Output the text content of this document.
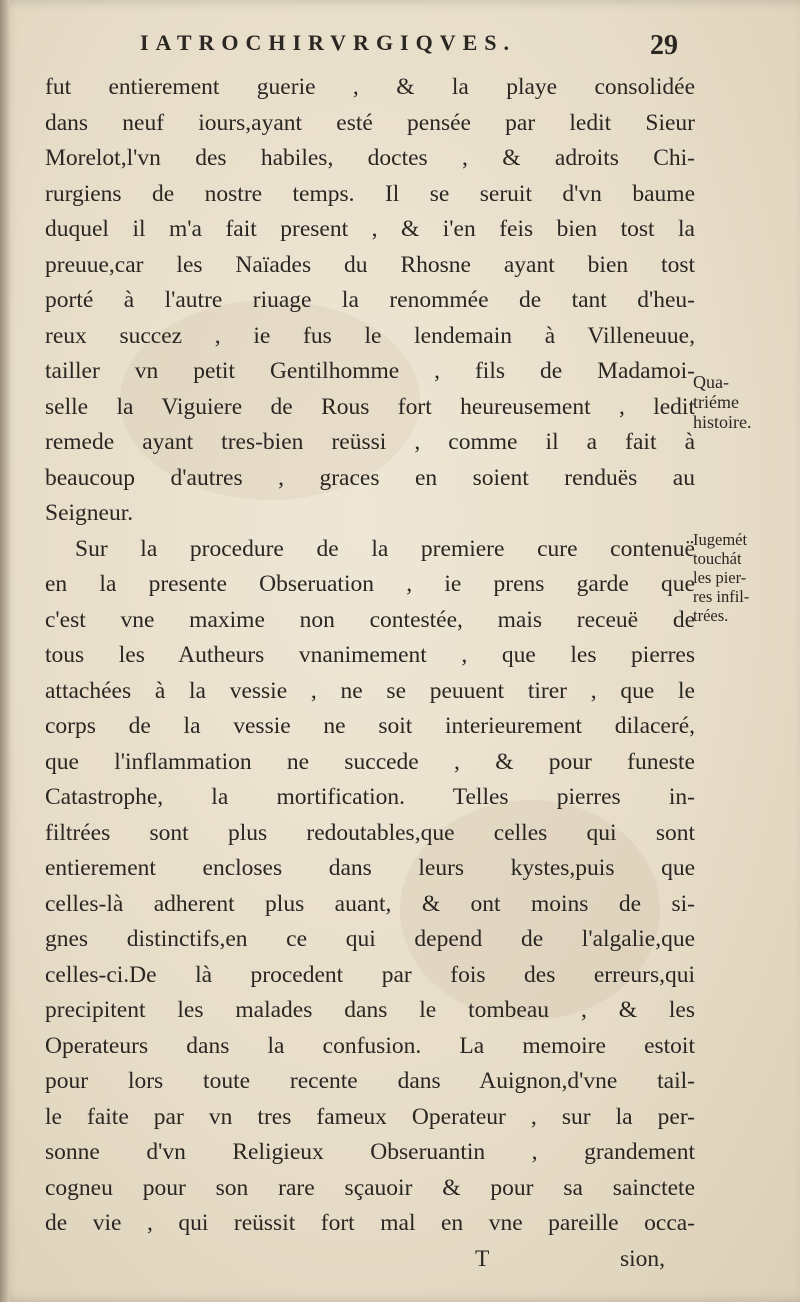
IATROCHIRVRGIQVES.	29
fut entierement guerie , & la playe consolidée
dans neuf iours,ayant esté pensée par ledit Sieur
Morelot,l'vn des habiles, doctes , & adroits Chi-
rurgiens de nostre temps. Il se seruit d'vn baume
duquel il m'a fait present , & i'en feis bien tost la
preuue,car les Naïades du Rhosne ayant bien tost
porté à l'autre riuage la renommée de tant d'heu-
reux succez , ie fus le lendemain à Villeneuue,
tailler vn petit Gentilhomme , fils de Madamoi-
selle la Viguiere de Rous fort heureusement , ledit
remede ayant tres-bien reüssi , comme il a fait à
beaucoup d'autres , graces en soient renduës au
Seigneur.
Sur la procedure de la premiere cure contenuë
en la presente Obseruation , ie prens garde que
c'est vne maxime non contestée, mais receuë de
tous les Autheurs vnanimement , que les pierres
attachées à la vessie , ne se peuuent tirer , que le
corps de la vessie ne soit interieurement dilaceré,
que l'inflammation ne succede , & pour funeste
Catastrophe, la mortification. Telles pierres in-
filtrées sont plus redoutables,que celles qui sont
entierement encloses dans leurs kystes,puis que
celles-là adherent plus auant, & ont moins de si-
gnes distinctifs,en ce qui depend de l'algalie,que
celles-ci.De là procedent par fois des erreurs,qui
precipitent les malades dans le tombeau , & les
Operateurs dans la confusion. La memoire estoit
pour lors toute recente dans Auignon,d'vne tail-
le faite par vn tres fameux Operateur , sur la per-
sonne d'vn Religieux Obseruantin , grandement
cogneu pour son rare sçauoir & pour sa sainctete
de vie , qui reüssit fort mal en vne pareille occa-
T	sion,
Qua-
triéme
histoire.
Iugemét
touchát
les pier-
res infil-
trées.
